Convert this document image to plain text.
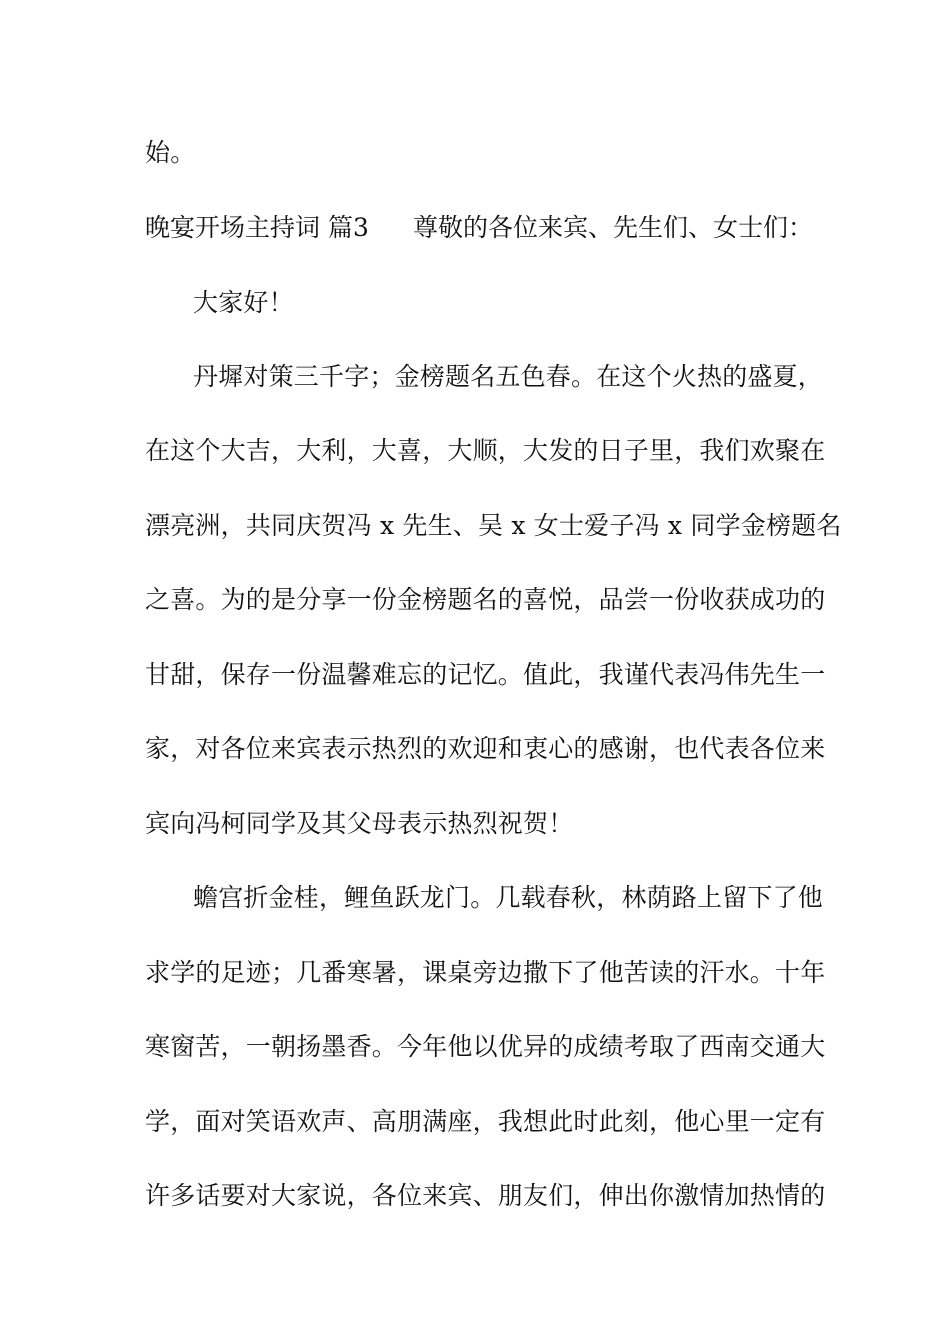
始。
晚宴开场主持词 篇3 尊敬的各位来宾、先生们、女士们：
大家好！
丹墀对策三千字；金榜题名五色春。在这个火热的盛夏，
在这个大吉，大利，大喜，大顺，大发的日子里，我们欢聚在
漂亮洲，共同庆贺冯 x 先生、吴 x 女士爱子冯 x 同学金榜题名
之喜。为的是分享一份金榜题名的喜悦，品尝一份收获成功的
甘甜，保存一份温馨难忘的记忆。值此，我谨代表冯伟先生一
家，对各位来宾表示热烈的欢迎和衷心的感谢，也代表各位来
宾向冯柯同学及其父母表示热烈祝贺！
蟾宫折金桂，鲤鱼跃龙门。几载春秋，林荫路上留下了他
求学的足迹；几番寒暑，课桌旁边撒下了他苦读的汗水。十年
寒窗苦，一朝扬墨香。今年他以优异的成绩考取了西南交通大
学，面对笑语欢声、高朋满座，我想此时此刻，他心里一定有
许多话要对大家说，各位来宾、朋友们，伸出你激情加热情的
